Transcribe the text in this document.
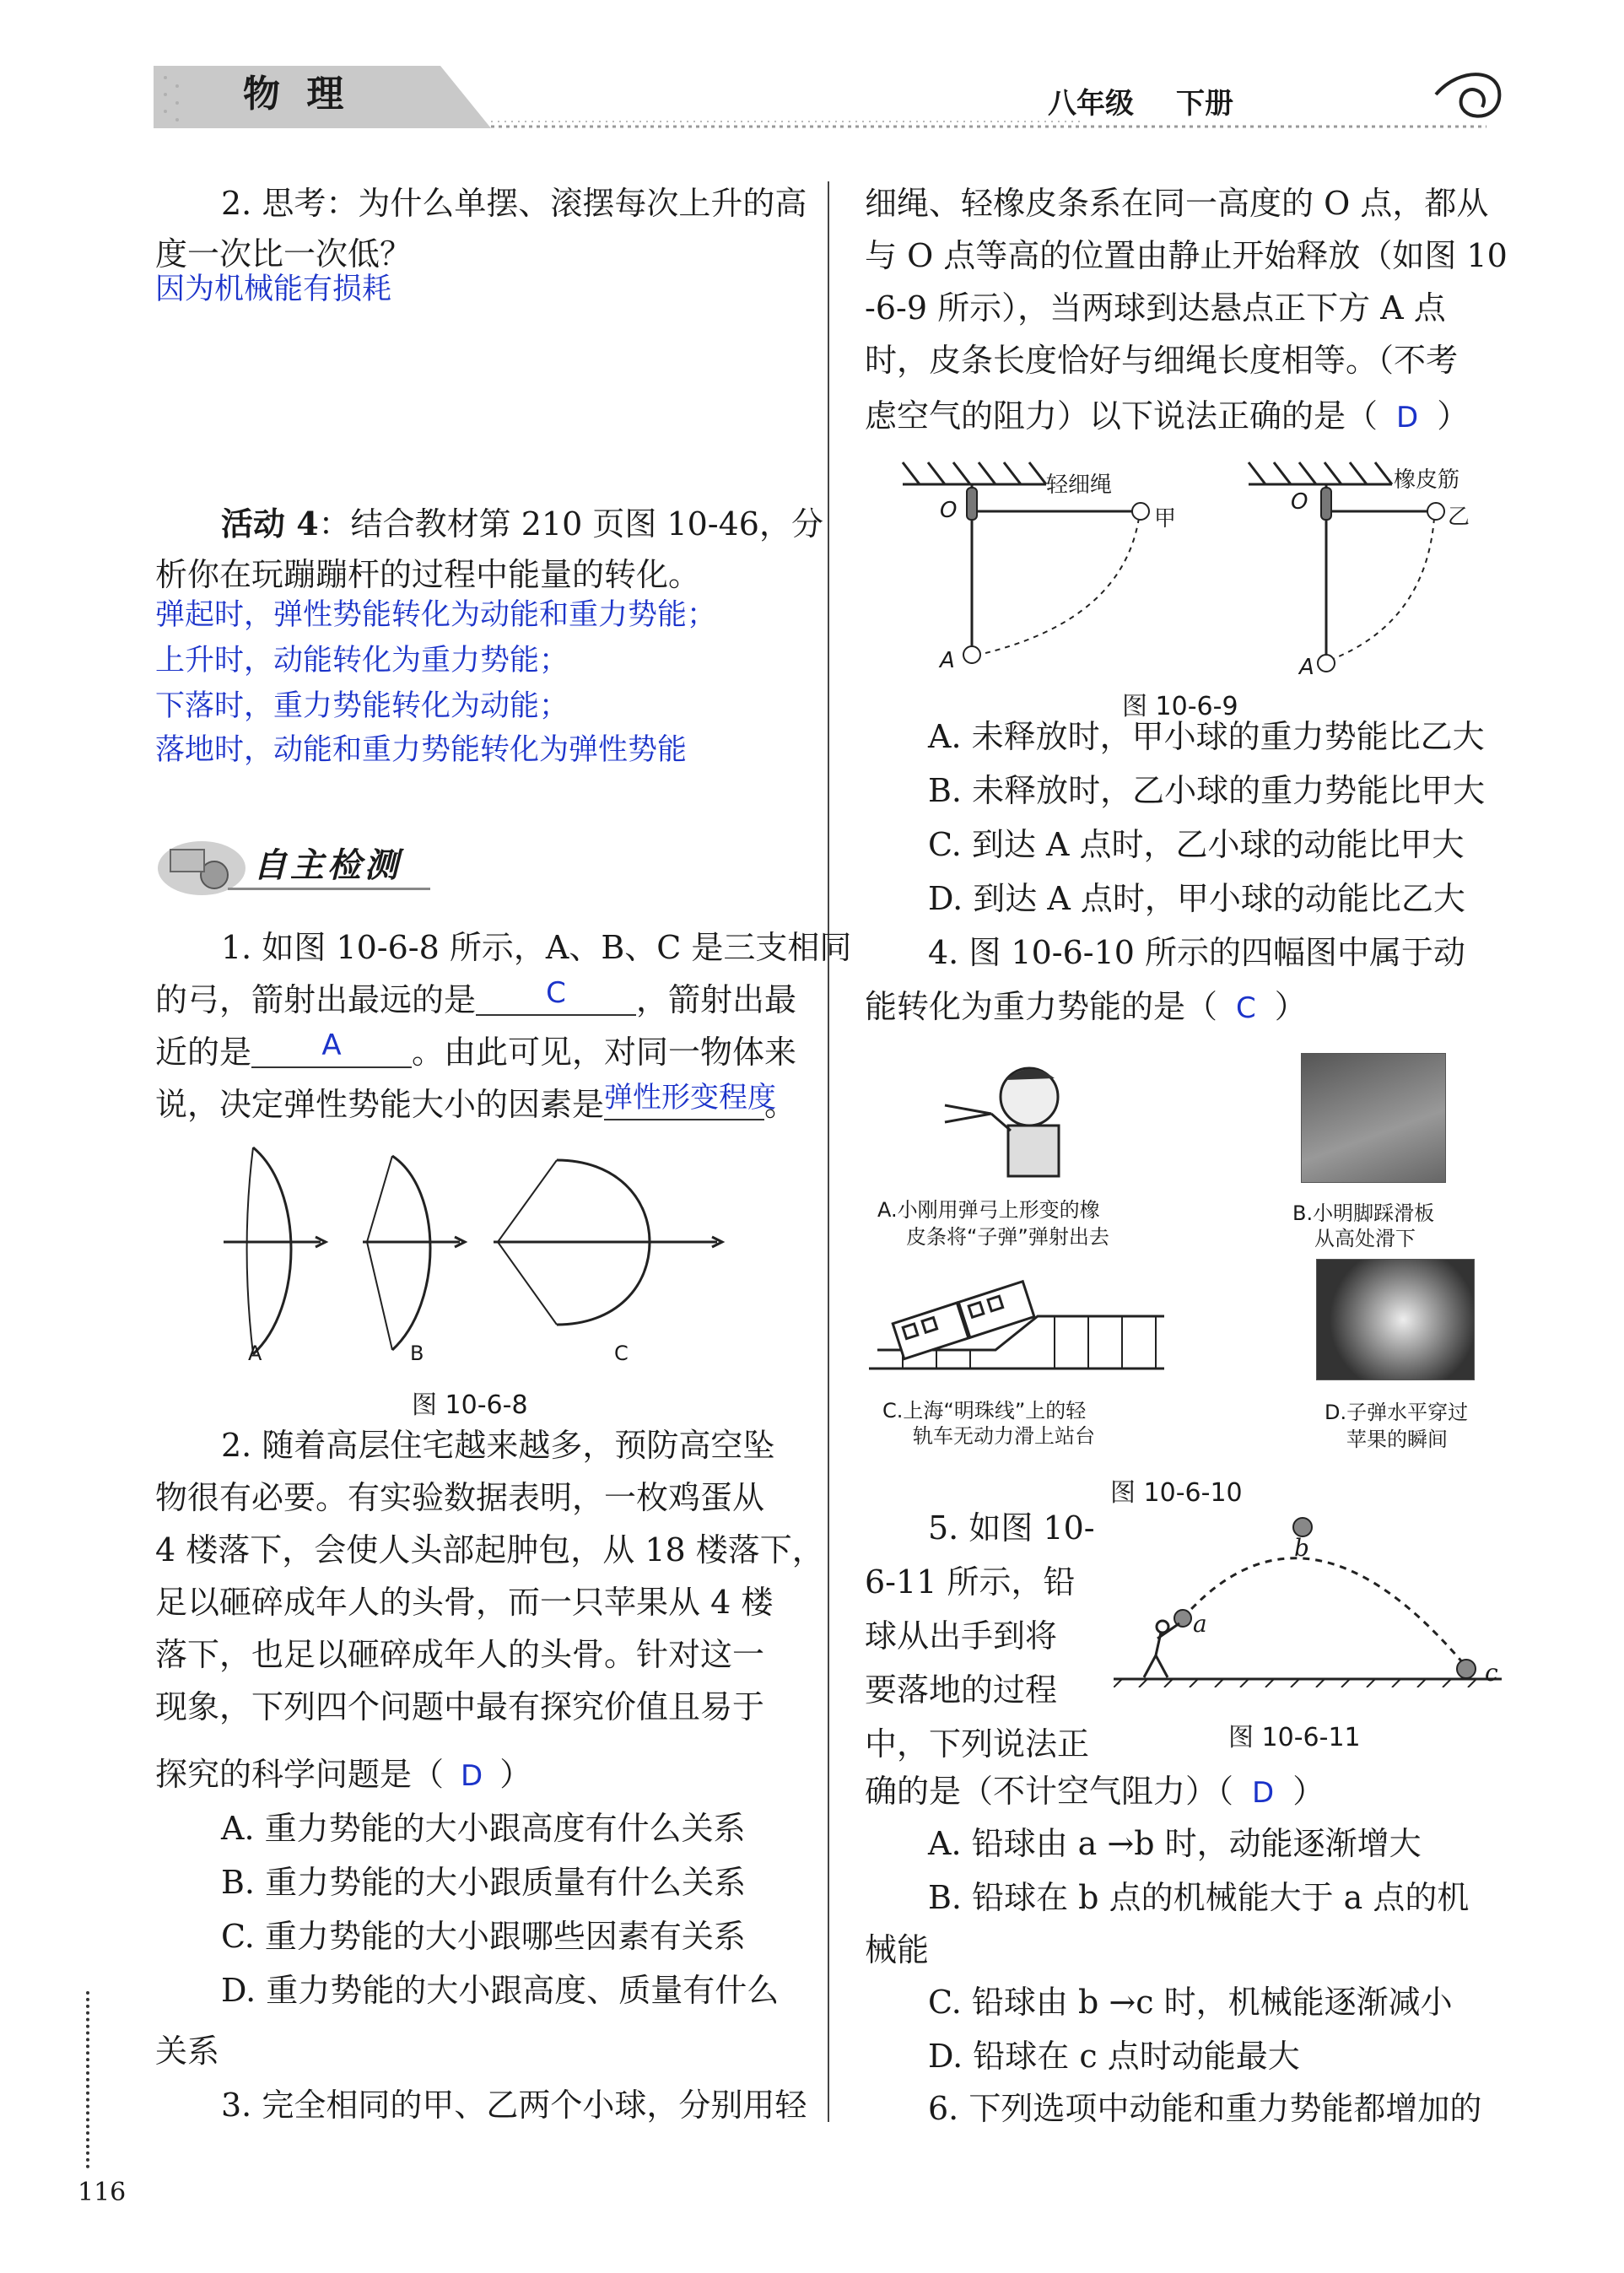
物 理	八年级 下册
2. 思考：为什么单摆、滚摆每次上升的高
度一次比一次低？
因为机械能有损耗
活动 4：结合教材第 210 页图 10-46，分
析你在玩蹦蹦杆的过程中能量的转化。
弹起时，弹性势能转化为动能和重力势能；
上升时，动能转化为重力势能；
下落时，重力势能转化为动能；
落地时，动能和重力势能转化为弹性势能
自主检测
1. 如图 10-6-8 所示，A、B、C 是三支相同
的弓，箭射出最远的是	C	，箭射出最
近的是	A	。由此可见，对同一物体来
说，决定弹性势能大小的因素是 弹性形变程度
。
A	B	C
图 10-6-8
2. 随着高层住宅越来越多，预防高空坠
物很有必要。有实验数据表明，一枚鸡蛋从
4 楼落下，会使人头部起肿包，从 18 楼落下，
足以砸碎成年人的头骨，而一只苹果从 4 楼
落下，也足以砸碎成年人的头骨。针对这一
现象，下列四个问题中最有探究价值且易于
探究的科学问题是（ D ）
A. 重力势能的大小跟高度有什么关系
B. 重力势能的大小跟质量有什么关系
C. 重力势能的大小跟哪些因素有关系
D. 重力势能的大小跟高度、质量有什么
关系
3. 完全相同的甲、乙两个小球，分别用轻
116
细绳、轻橡皮条系在同一高度的 O 点，都从
与 O 点等高的位置由静止开始释放（如图 10
-6-9 所示），当两球到达悬点正下方 A 点
时，皮条长度恰好与细绳长度相等。（不考
虑空气的阻力）以下说法正确的是（ D ）
轻细绳	橡皮筋
甲	乙
O	O
A	A
图 10-6-9
A. 未释放时，甲小球的重力势能比乙大
B. 未释放时，乙小球的重力势能比甲大
C. 到达 A 点时，乙小球的动能比甲大
D. 到达 A 点时，甲小球的动能比乙大
4. 图 10-6-10 所示的四幅图中属于动
能转化为重力势能的是（ C ）
A.小刚用弹弓上形变的橡
皮条将“子弹”弹射出去
B.小明脚踩滑板
从高处滑下
C.上海“明珠线”上的轻
轨车无动力滑上站台
D.子弹水平穿过
苹果的瞬间
图 10-6-10
5. 如图 10-
6-11 所示，铅
球从出手到将
要落地的过程
中，下列说法正
a
b
c
图 10-6-11
确的是（不计空气阻力）（ D ）
A. 铅球由 a →b 时，动能逐渐增大
B. 铅球在 b 点的机械能大于 a 点的机
械能
C. 铅球由 b →c 时，机械能逐渐减小
D. 铅球在 c 点时动能最大
6. 下列选项中动能和重力势能都增加的
